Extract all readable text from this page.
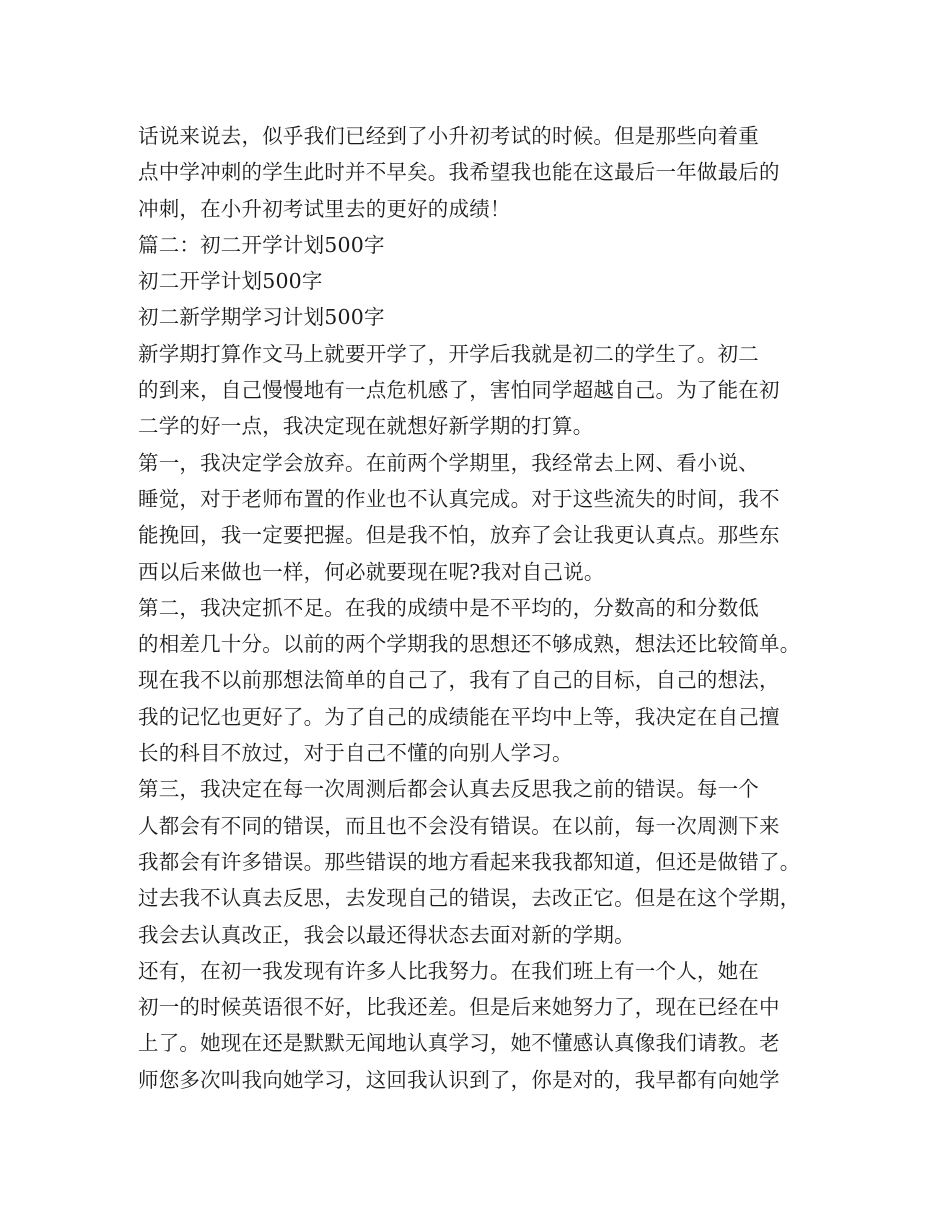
话说来说去，似乎我们已经到了小升初考试的时候。但是那些向着重
点中学冲刺的学生此时并不早矣。我希望我也能在这最后一年做最后的
冲刺，在小升初考试里去的更好的成绩！
篇二：初二开学计划500字
初二开学计划500字
初二新学期学习计划500字
新学期打算作文马上就要开学了，开学后我就是初二的学生了。初二
的到来，自己慢慢地有一点危机感了，害怕同学超越自己。为了能在初
二学的好一点，我决定现在就想好新学期的打算。
第一，我决定学会放弃。在前两个学期里，我经常去上网、看小说、
睡觉，对于老师布置的作业也不认真完成。对于这些流失的时间，我不
能挽回，我一定要把握。但是我不怕，放弃了会让我更认真点。那些东
西以后来做也一样，何必就要现在呢?我对自己说。
第二，我决定抓不足。在我的成绩中是不平均的，分数高的和分数低
的相差几十分。以前的两个学期我的思想还不够成熟，想法还比较简单。
现在我不以前那想法简单的自己了，我有了自己的目标，自己的想法，
我的记忆也更好了。为了自己的成绩能在平均中上等，我决定在自己擅
长的科目不放过，对于自己不懂的向别人学习。
第三，我决定在每一次周测后都会认真去反思我之前的错误。每一个
人都会有不同的错误，而且也不会没有错误。在以前，每一次周测下来
我都会有许多错误。那些错误的地方看起来我我都知道，但还是做错了。
过去我不认真去反思，去发现自己的错误，去改正它。但是在这个学期，
我会去认真改正，我会以最还得状态去面对新的学期。
还有，在初一我发现有许多人比我努力。在我们班上有一个人，她在
初一的时候英语很不好，比我还差。但是后来她努力了，现在已经在中
上了。她现在还是默默无闻地认真学习，她不懂感认真像我们请教。老
师您多次叫我向她学习，这回我认识到了，你是对的，我早都有向她学
